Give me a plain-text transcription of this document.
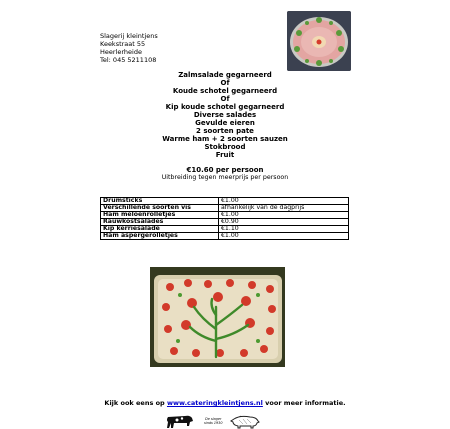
Slagerij kleintjens
Keekstraat 55
Heerlerheide
Tel: 045 5211108
Zalmsalade gegarneerd
Of
Koude schotel gegarneerd
Of
Kip koude schotel gegarneerd
Diverse salades
Gevulde eieren
2 soorten pate
Warme ham + 2 soorten sauzen
Stokbrood
Fruit
€10.60 per persoon
Uitbreiding tegen meerprijs per persoon
Drumsticks	€1.00
Verschillende soorten vis	afhankelijk van de dagprijs
Ham meloenrolletjes	€1.00
Rauwkostsalades	€0.90
Kip kerriesalade	€1.10
Ham aspergerolletjes	€1.00
Kijk ook eens op www.cateringkleintjens.nl voor meer informatie.
De slager
sinds 1930
